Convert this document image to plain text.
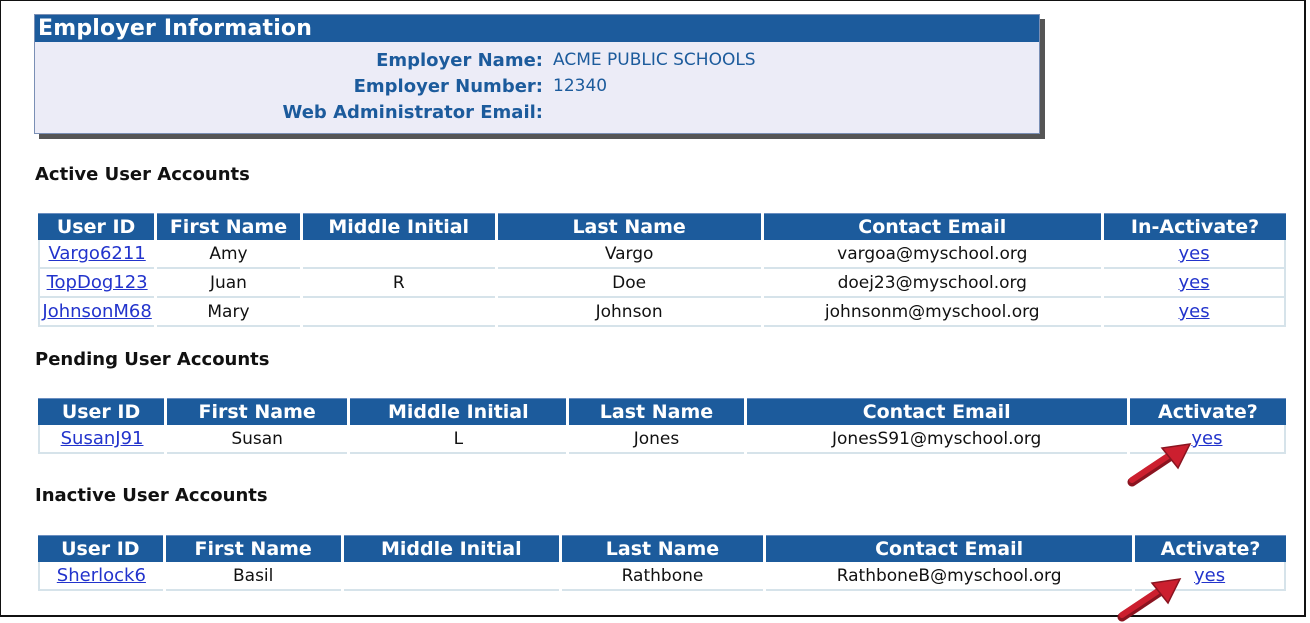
Employer Information
Employer Name: ACME PUBLIC SCHOOLS
Employer Number: 12340
Web Administrator Email:
Active User Accounts
User ID	First Name	Middle Initial	Last Name	Contact Email	In-Activate?
Vargo6211	Amy		Vargo	vargoa@myschool.org	yes
TopDog123	Juan	R	Doe	doej23@myschool.org	yes
JohnsonM68	Mary		Johnson	johnsonm@myschool.org	yes
Pending User Accounts
User ID	First Name	Middle Initial	Last Name	Contact Email	Activate?
SusanJ91	Susan	L	Jones	JonesS91@myschool.org	yes
Inactive User Accounts
User ID	First Name	Middle Initial	Last Name	Contact Email	Activate?
Sherlock6	Basil		Rathbone	RathboneB@myschool.org	yes
